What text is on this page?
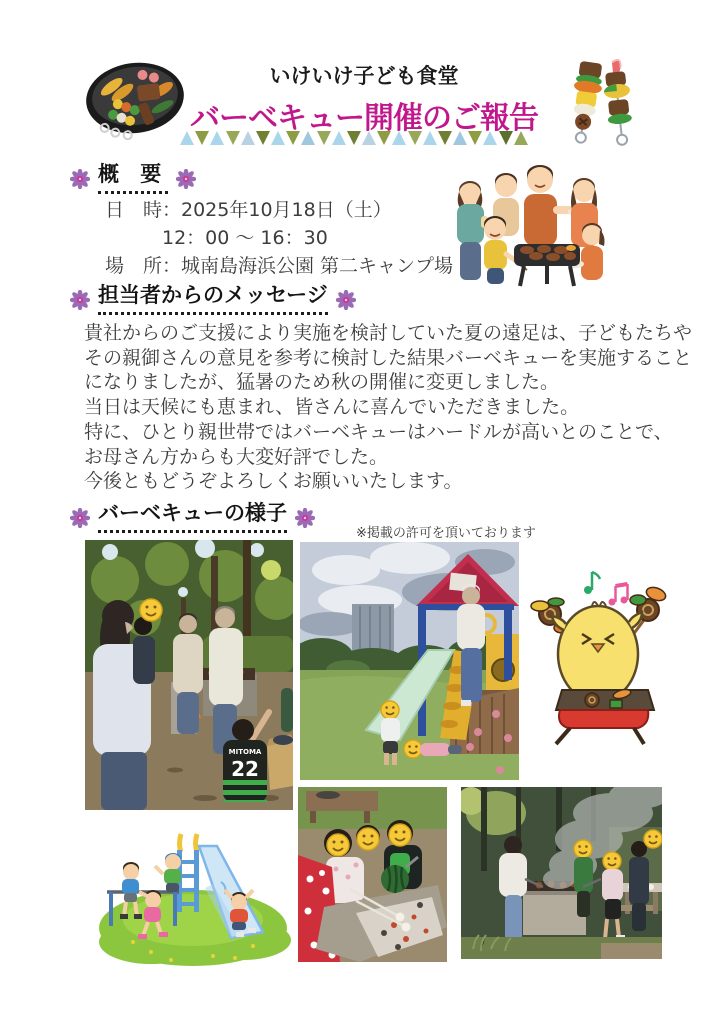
いけいけ子ども食堂
バーベキュー開催のご報告
概 要
日　時：2025年10月18日（土）
12：00 ～ 16：30
場　所：城南島海浜公園 第二キャンプ場
担当者からのメッセージ
貴社からのご支援により実施を検討していた夏の遠足は、子どもたちや
その親御さんの意見を参考に検討した結果バーベキューを実施すること
になりましたが、猛暑のため秋の開催に変更しました。
当日は天候にも恵まれ、皆さんに喜んでいただきました。
特に、ひとり親世帯ではバーベキューはハードルが高いとのことで、
お母さん方からも大変好評でした。
今後ともどうぞよろしくお願いいたします。
バーベキューの様子
※掲載の許可を頂いております
MITOMA
22
